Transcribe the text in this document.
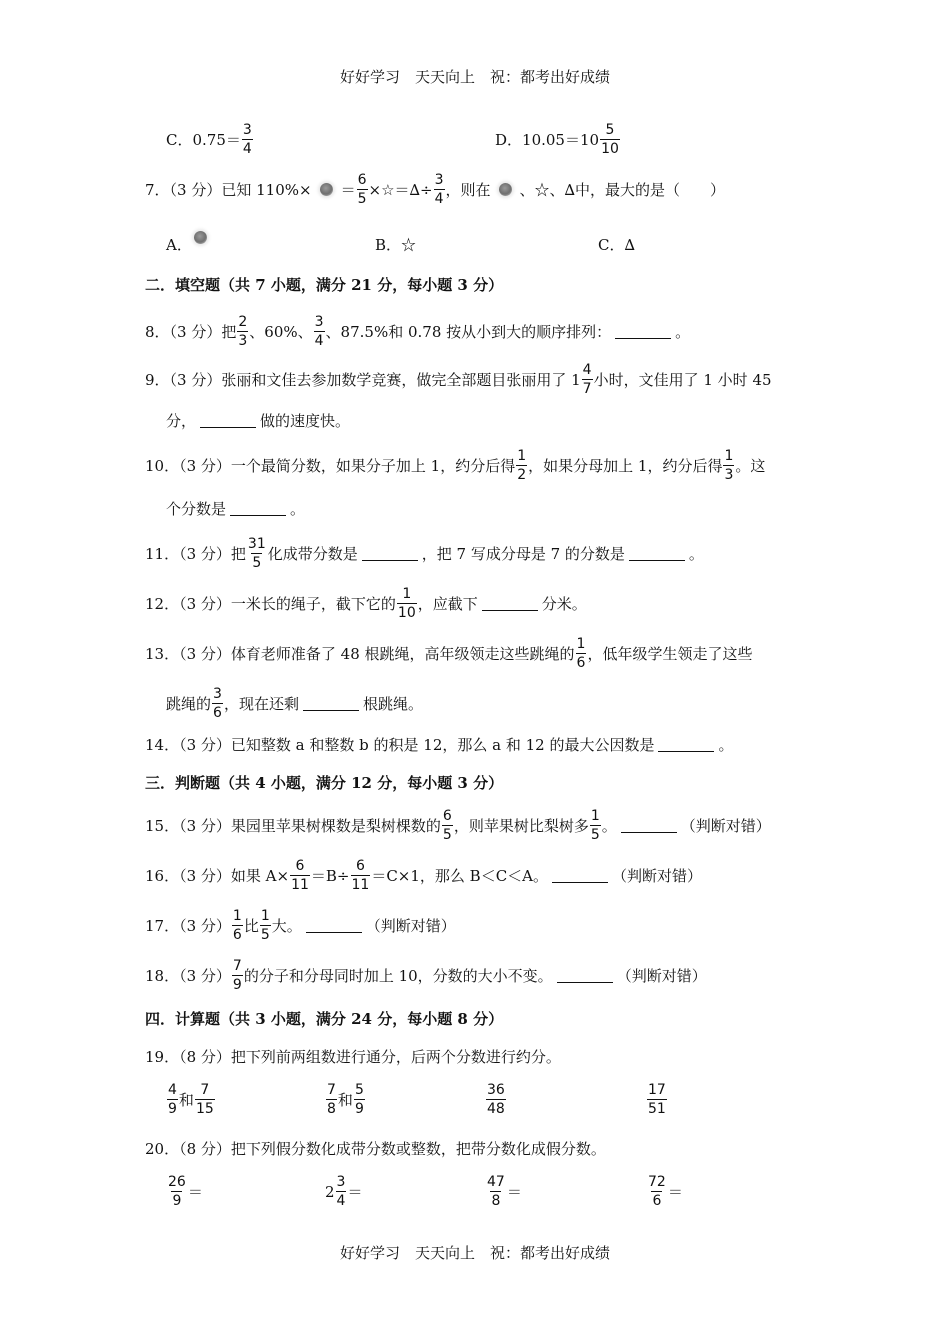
好好学习　天天向上　祝：都考出好成绩
C．$0.75= \frac{3}{4}$	D．$10.05=10 \frac{5}{10}$
7．（3 分）已知 $110\%\times = \frac{6}{5}$ ×☆＝∆÷ $\frac{3}{4}$ ，则在 、☆、∆中，最大的是（　　）
A．	B．☆	C．∆
二．填空题（共 7 小题，满分 21 分，每小题 3 分）
8．（3 分）把 $\frac{2}{3}$ 、60%、 $\frac{3}{4}$ 、87.5%和 0.78 按从小到大的顺序排列：	。
9．（3 分）张丽和文佳去参加数学竞赛，做完全部题目张丽用了 $1 \frac{4}{7}$ 小时，文佳用了 1 小时 45
分，	做的速度快。
10．（3 分）一个最简分数，如果分子加上 1，约分后得 $\frac{1}{2}$ ，如果分母加上 1，约分后得 $\frac{1}{3}$ 。这
个分数是	。
11．（3 分）把 $\frac{31}{5}$ 化成带分数是	，把 7 写成分母是 7 的分数是	。
12．（3 分）一米长的绳子，截下它的 $\frac{1}{10}$ ，应截下	分米。
13．（3 分）体育老师准备了 48 根跳绳，高年级领走这些跳绳的 $\frac{1}{6}$ ，低年级学生领走了这些
跳绳的 $\frac{3}{6}$ ，现在还剩	根跳绳。
14．（3 分）已知整数 a 和整数 b 的积是 12，那么 a 和 12 的最大公因数是	。
三．判断题（共 4 小题，满分 12 分，每小题 3 分）
15．（3 分）果园里苹果树棵数是梨树棵数的 $\frac{6}{5}$ ，则苹果树比梨树多 $\frac{1}{5}$ 。	（判断对错）
16．（3 分）如果 $A\times \frac{6}{11} =B\div \frac{6}{11} =C\times 1$，那么 B＜C＜A。	（判断对错）
17．（3 分） $\frac{1}{6}$ 比 $\frac{1}{5}$ 大。	（判断对错）
18．（3 分） $\frac{7}{9}$ 的分子和分母同时加上 10，分数的大小不变。	（判断对错）
四．计算题（共 3 小题，满分 24 分，每小题 8 分）
19．（8 分）把下列前两组数进行通分，后两个分数进行约分。
$\frac{4}{9}$ 和 $\frac{7}{15}$	$\frac{7}{8}$ 和 $\frac{5}{9}$	$\frac{36}{48}$	$\frac{17}{51}$
20．（8 分）把下列假分数化成带分数或整数，把带分数化成假分数。
$\frac{26}{9}$ ＝	$2 \frac{3}{4}$ ＝	$\frac{47}{8}$ ＝	$\frac{72}{6}$ ＝
好好学习　天天向上　祝：都考出好成绩
